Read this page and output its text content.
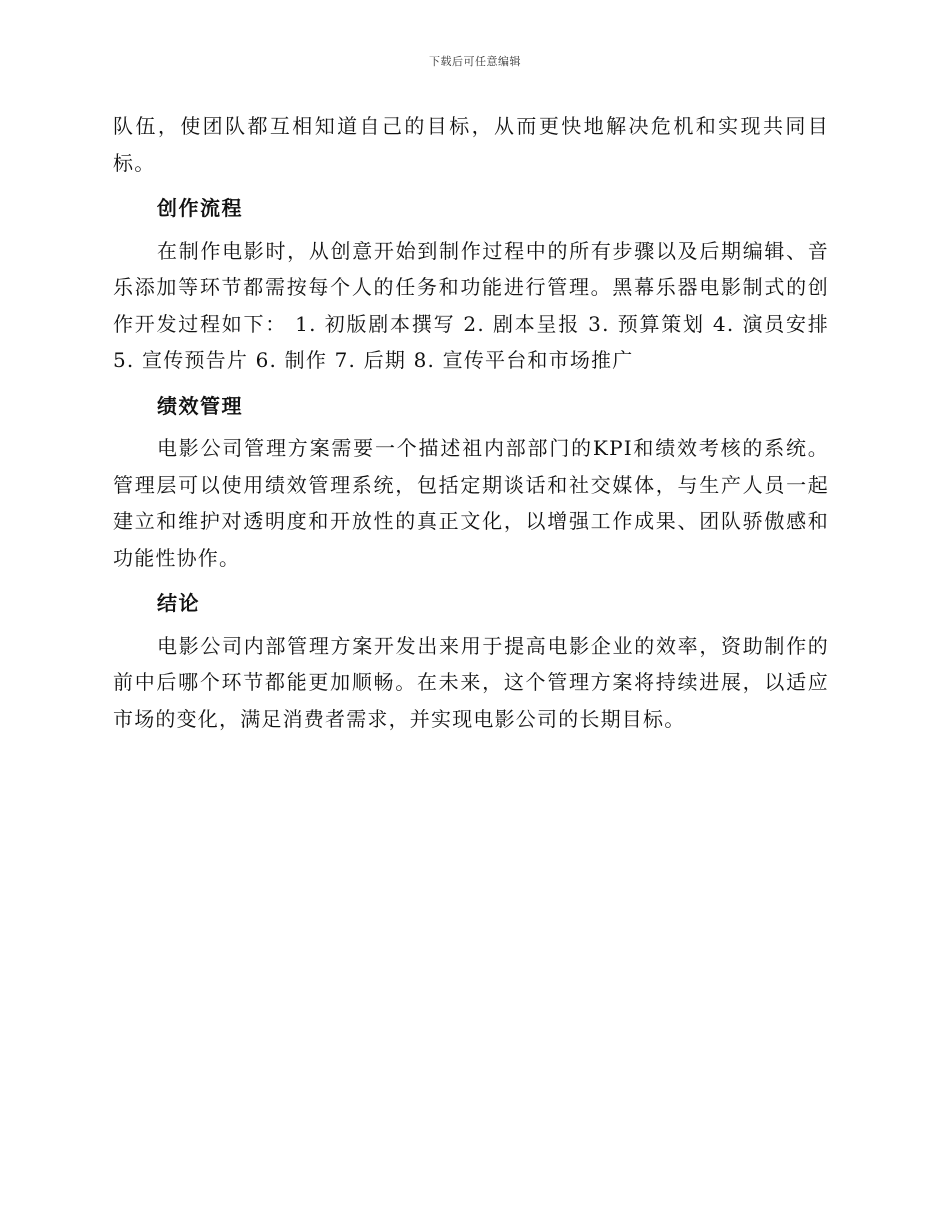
下载后可任意编辑

队伍，使团队都互相知道自己的目标，从而更快地解决危机和实现共同目标。

创作流程

在制作电影时，从创意开始到制作过程中的所有步骤以及后期编辑、音乐添加等环节都需按每个人的任务和功能进行管理。黑幕乐器电影制式的创作开发过程如下： 1. 初版剧本撰写 2. 剧本呈报 3. 预算策划 4. 演员安排 5. 宣传预告片 6. 制作 7. 后期 8. 宣传平台和市场推广

绩效管理

电影公司管理方案需要一个描述祖内部部门的KPI和绩效考核的系统。管理层可以使用绩效管理系统，包括定期谈话和社交媒体，与生产人员一起建立和维护对透明度和开放性的真正文化，以增强工作成果、团队骄傲感和功能性协作。

结论

电影公司内部管理方案开发出来用于提高电影企业的效率，资助制作的前中后哪个环节都能更加顺畅。在未来，这个管理方案将持续进展，以适应市场的变化，满足消费者需求，并实现电影公司的长期目标。
